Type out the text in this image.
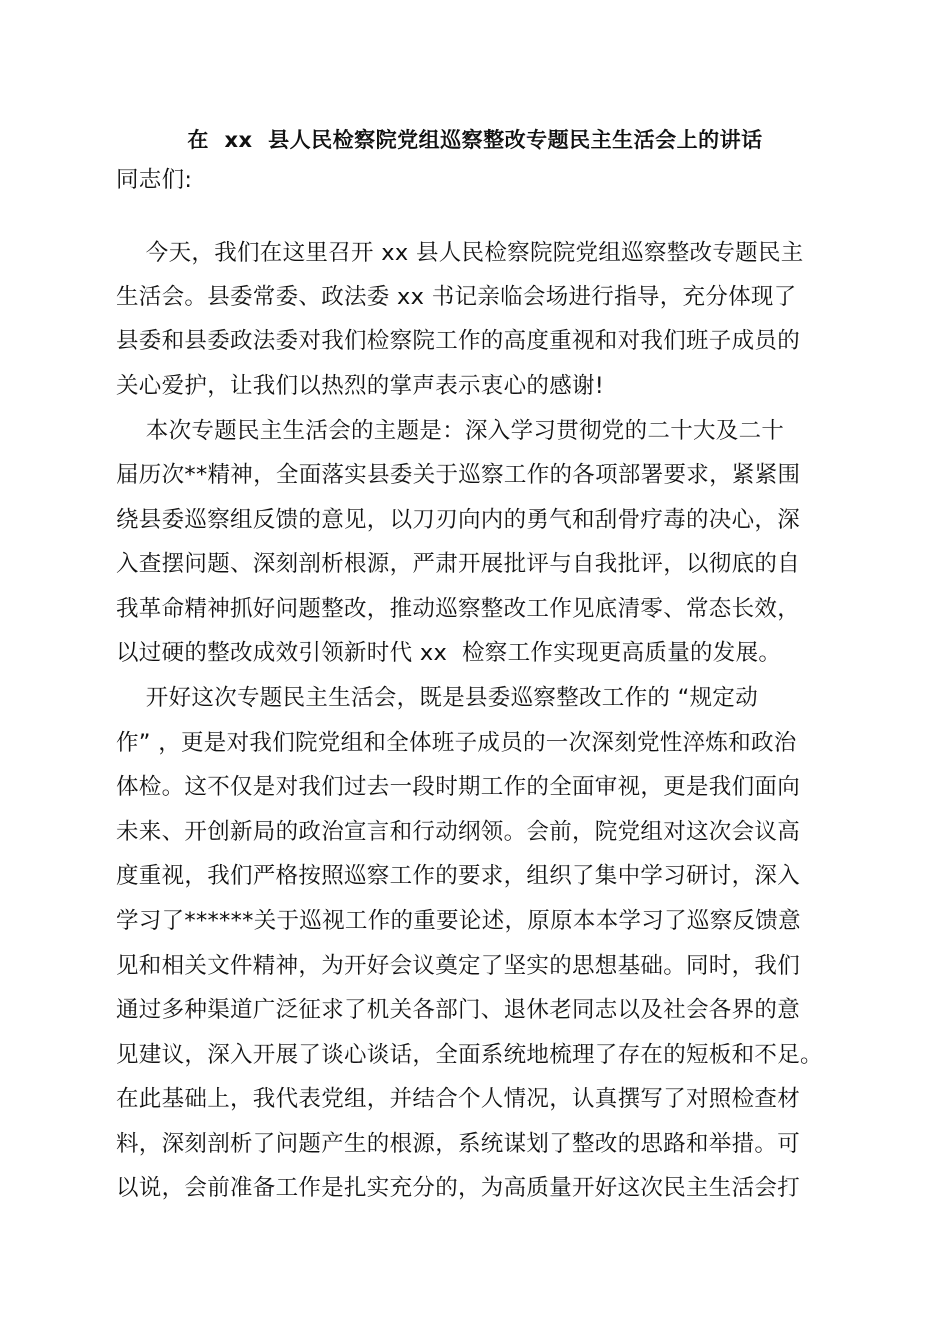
在  xx  县人民检察院党组巡察整改专题民主生活会上的讲话
同志们:
今天，我们在这里召开 xx 县人民检察院院党组巡察整改专题民主
生活会。县委常委、政法委 xx 书记亲临会场进行指导，充分体现了
县委和县委政法委对我们检察院工作的高度重视和对我们班子成员的
关心爱护，让我们以热烈的掌声表示衷心的感谢!
本次专题民主生活会的主题是：深入学习贯彻党的二十大及二十
届历次**精神，全面落实县委关于巡察工作的各项部署要求，紧紧围
绕县委巡察组反馈的意见，以刀刃向内的勇气和刮骨疗毒的决心，深
入查摆问题、深刻剖析根源，严肃开展批评与自我批评，以彻底的自
我革命精神抓好问题整改，推动巡察整改工作见底清零、常态长效，
以过硬的整改成效引领新时代 xx  检察工作实现更高质量的发展。
开好这次专题民主生活会，既是县委巡察整改工作的 “规定动
作” ，更是对我们院党组和全体班子成员的一次深刻党性淬炼和政治
体检。这不仅是对我们过去一段时期工作的全面审视，更是我们面向
未来、开创新局的政治宣言和行动纲领。会前，院党组对这次会议高
度重视，我们严格按照巡察工作的要求，组织了集中学习研讨，深入
学习了******关于巡视工作的重要论述，原原本本学习了巡察反馈意
见和相关文件精神，为开好会议奠定了坚实的思想基础。同时，我们
通过多种渠道广泛征求了机关各部门、退休老同志以及社会各界的意
见建议，深入开展了谈心谈话，全面系统地梳理了存在的短板和不足。
在此基础上，我代表党组，并结合个人情况，认真撰写了对照检查材
料，深刻剖析了问题产生的根源，系统谋划了整改的思路和举措。可
以说，会前准备工作是扎实充分的，为高质量开好这次民主生活会打
